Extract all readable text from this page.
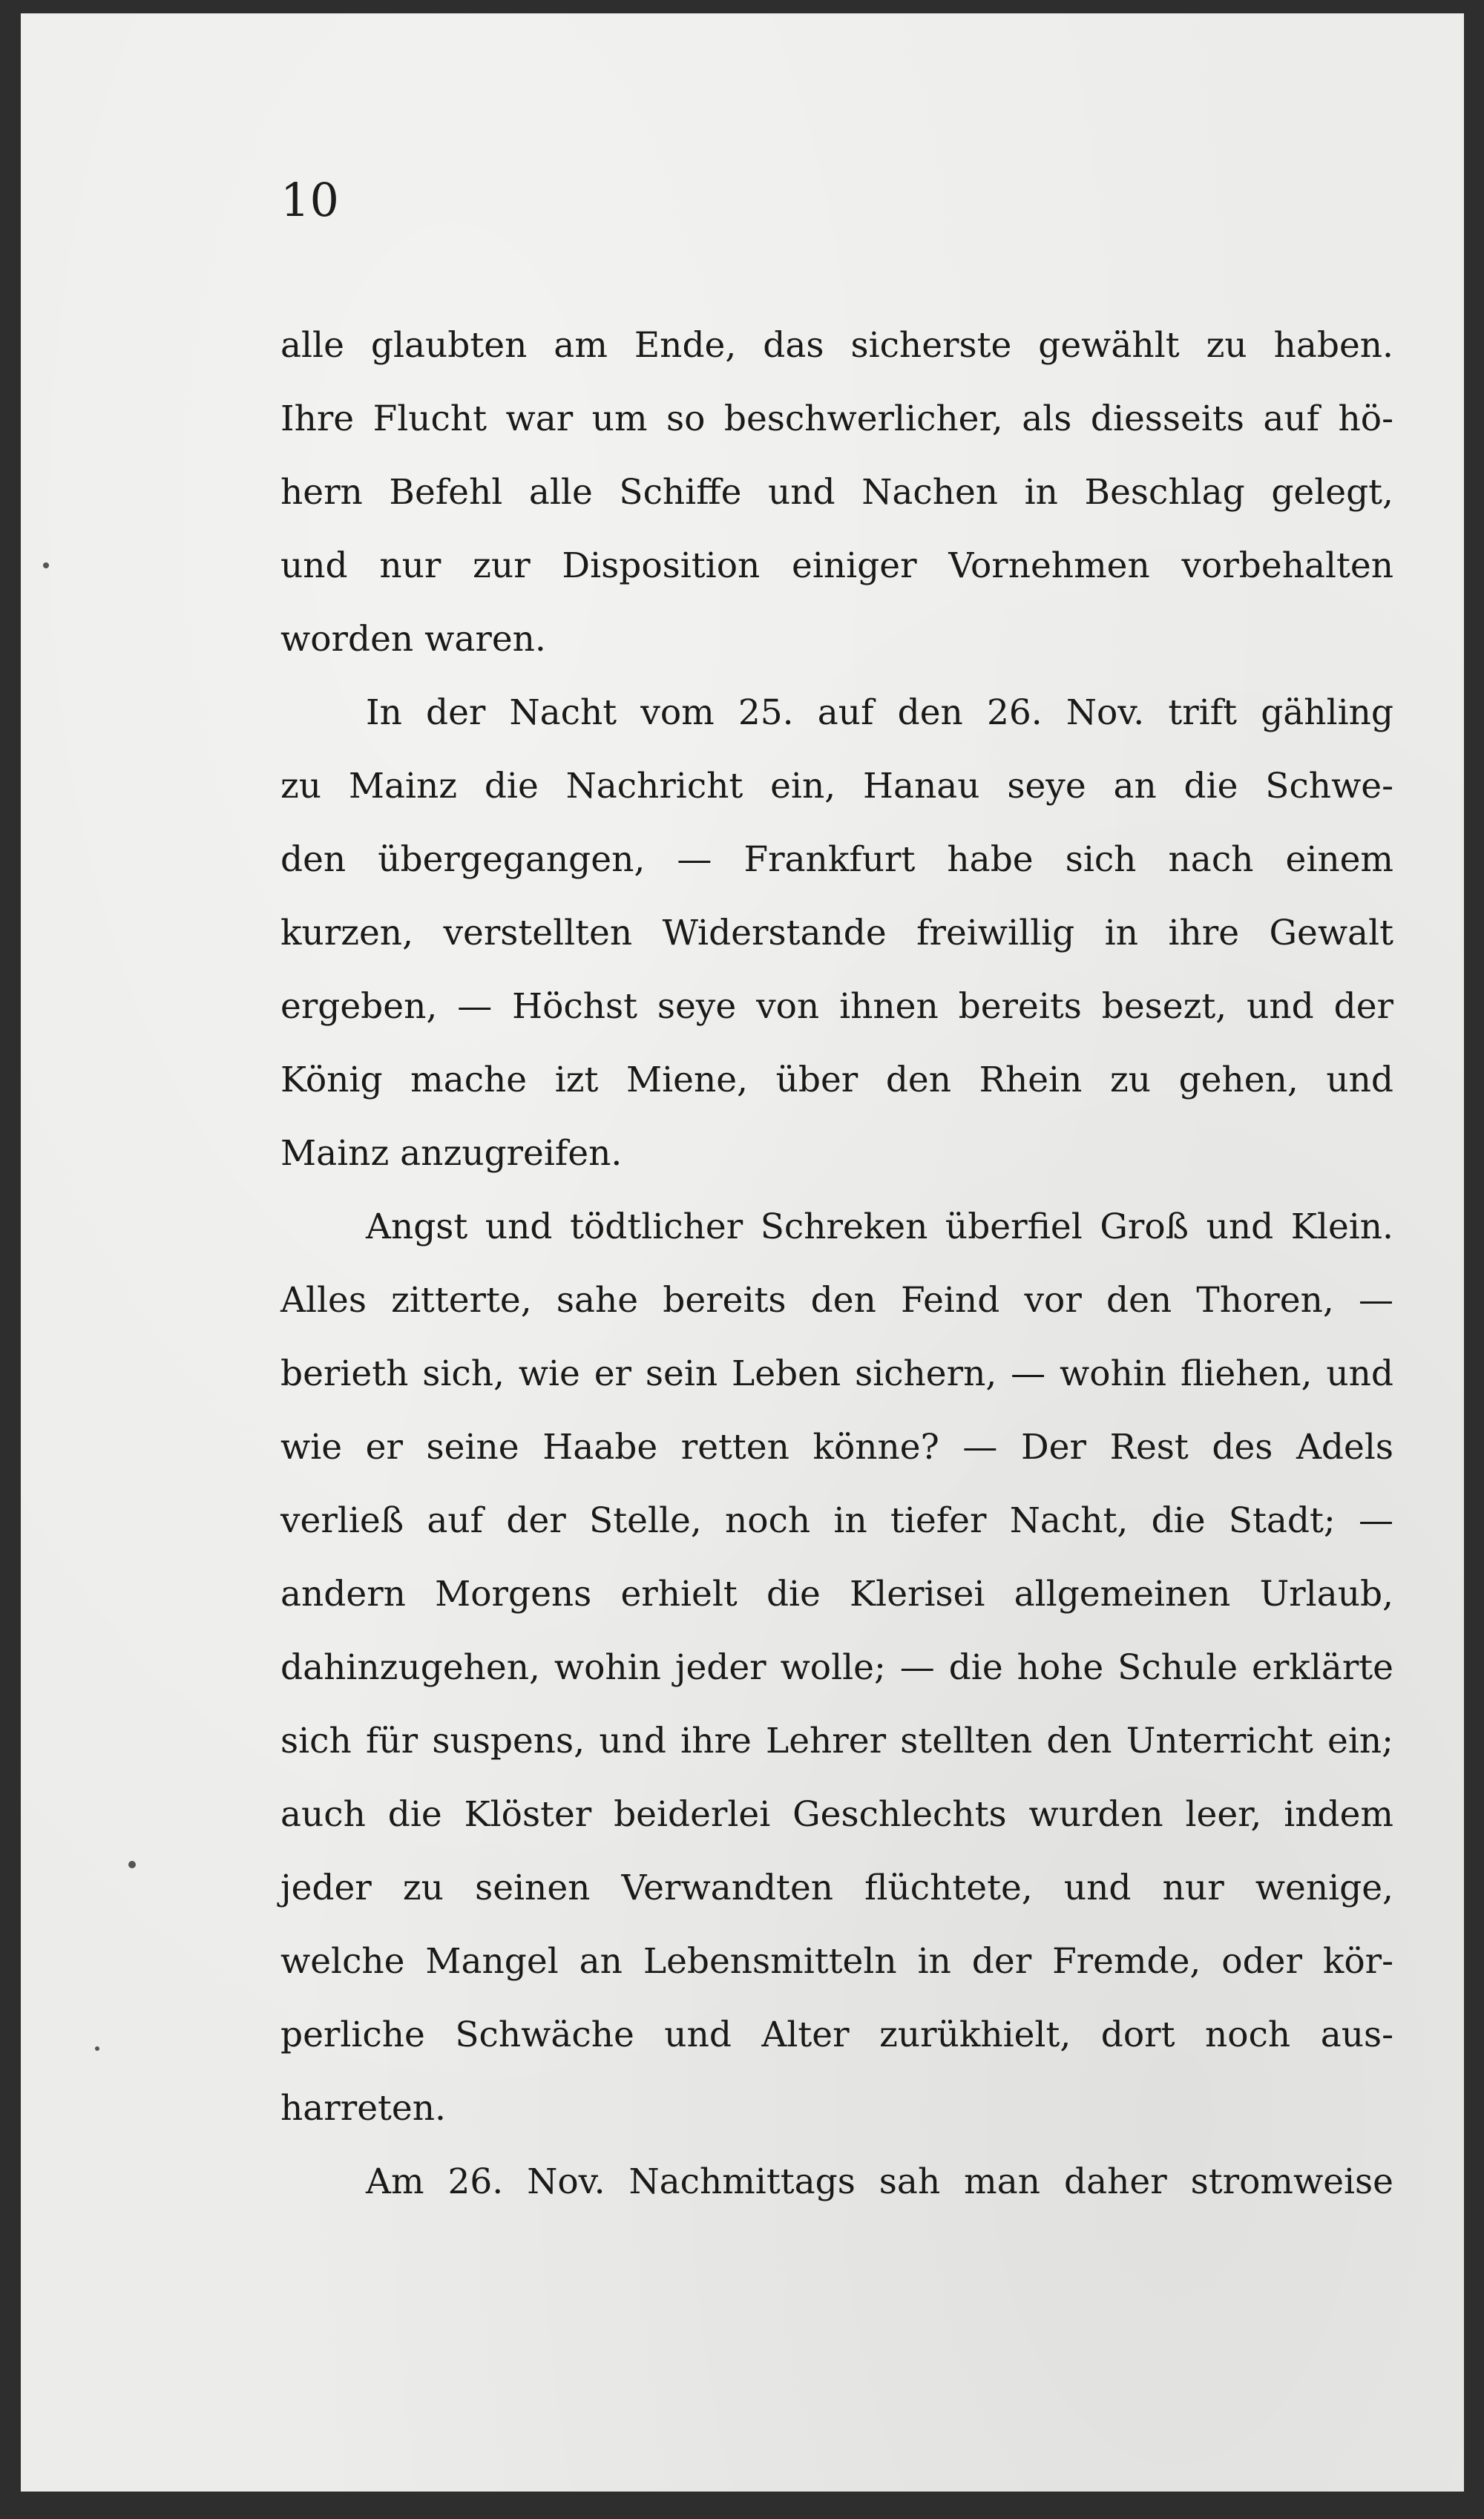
10
alle glaubten am Ende, das sicherste gewählt zu haben.
Ihre Flucht war um so beschwerlicher, als diesseits auf hö-
hern Befehl alle Schiffe und Nachen in Beschlag gelegt,
und nur zur Disposition einiger Vornehmen vorbehalten
worden waren.
In der Nacht vom 25. auf den 26. Nov. trift gähling
zu Mainz die Nachricht ein, Hanau seye an die Schwe-
den übergegangen, — Frankfurt habe sich nach einem
kurzen, verstellten Widerstande freiwillig in ihre Gewalt
ergeben, — Höchst seye von ihnen bereits besezt, und der
König mache izt Miene, über den Rhein zu gehen, und
Mainz anzugreifen.
Angst und tödtlicher Schreken überfiel Groß und Klein.
Alles zitterte, sahe bereits den Feind vor den Thoren, —
berieth sich, wie er sein Leben sichern, — wohin fliehen, und
wie er seine Haabe retten könne? — Der Rest des Adels
verließ auf der Stelle, noch in tiefer Nacht, die Stadt; —
andern Morgens erhielt die Klerisei allgemeinen Urlaub,
dahinzugehen, wohin jeder wolle; — die hohe Schule erklärte
sich für suspens, und ihre Lehrer stellten den Unterricht ein;
auch die Klöster beiderlei Geschlechts wurden leer, indem
jeder zu seinen Verwandten flüchtete, und nur wenige,
welche Mangel an Lebensmitteln in der Fremde, oder kör-
perliche Schwäche und Alter zurükhielt, dort noch aus-
harreten.
Am 26. Nov. Nachmittags sah man daher stromweise
